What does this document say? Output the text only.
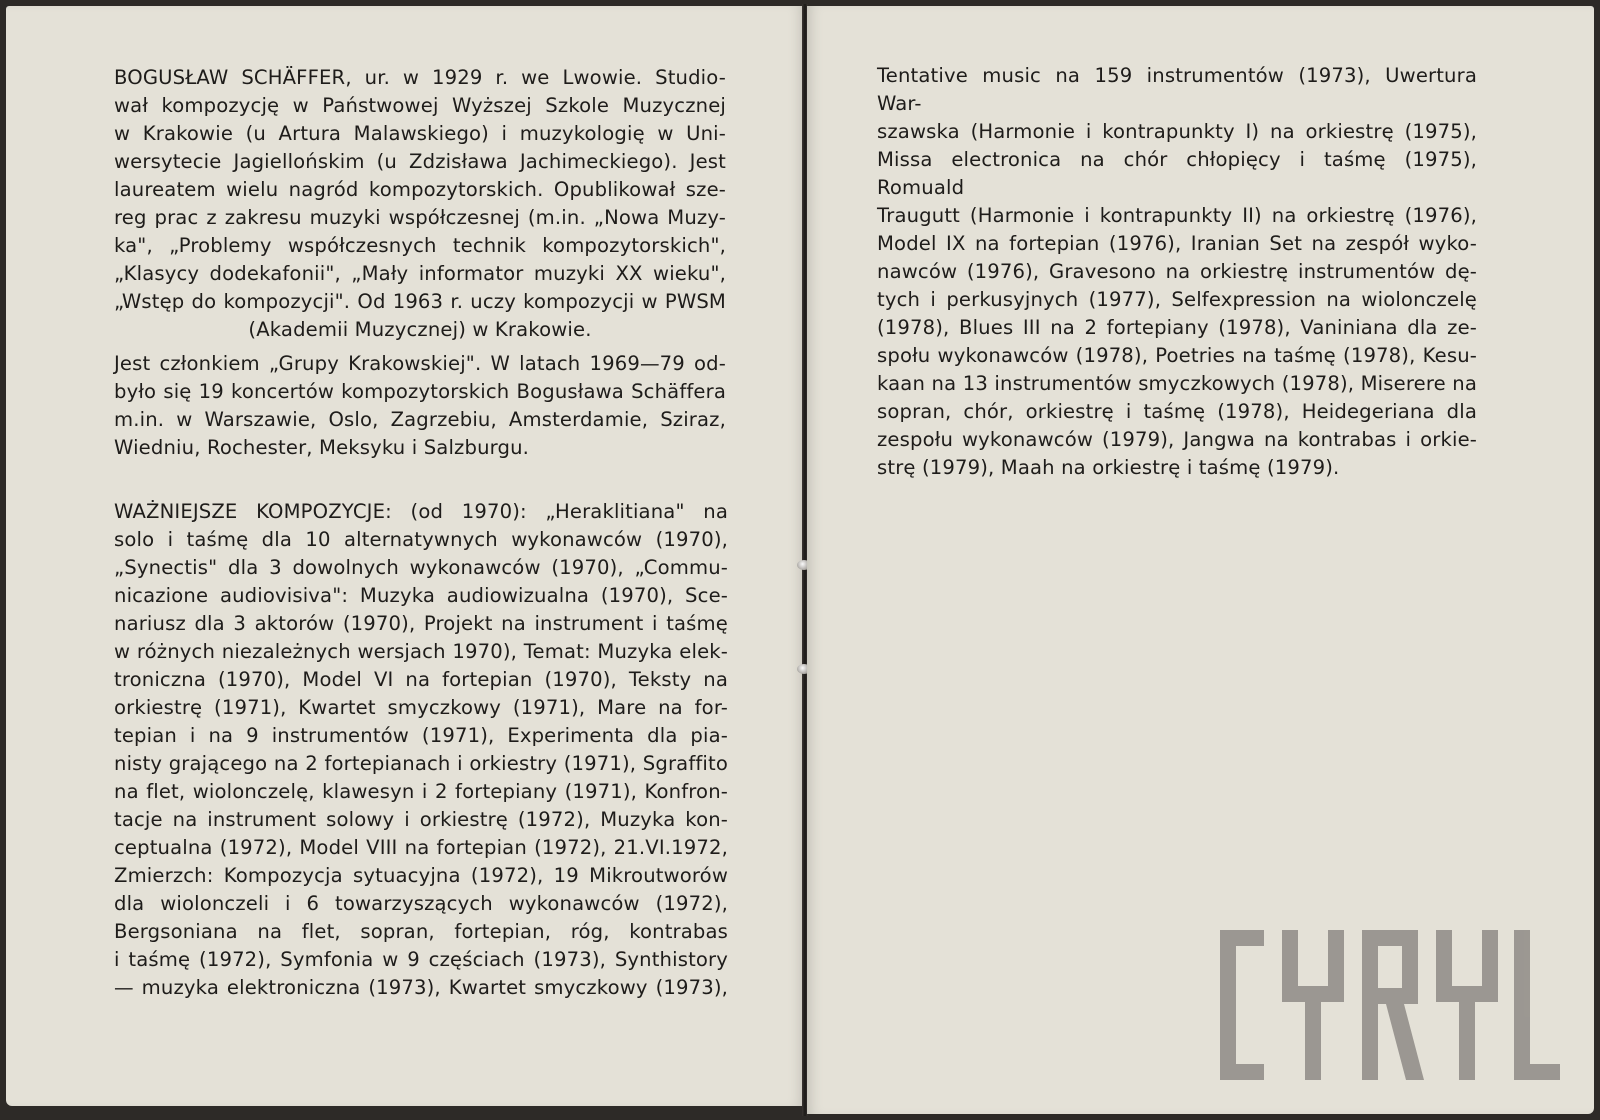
BOGUSŁAW SCHÄFFER, ur. w 1929 r. we Lwowie. Studio-

wał kompozycję w Państwowej Wyższej Szkole Muzycznej

w Krakowie (u Artura Malawskiego) i muzykologię w Uni-

wersytecie Jagiellońskim (u Zdzisława Jachimeckiego). Jest

laureatem wielu nagród kompozytorskich. Opublikował sze-

reg prac z zakresu muzyki współczesnej (m.in. „Nowa Muzy-

ka", „Problemy współczesnych technik kompozytorskich",

„Klasycy dodekafonii", „Mały informator muzyki XX wieku",

„Wstęp do kompozycji". Od 1963 r. uczy kompozycji w PWSM

(Akademii Muzycznej) w Krakowie.

Jest członkiem „Grupy Krakowskiej". W latach 1969—79 od-

było się 19 koncertów kompozytorskich Bogusława Schäffera

m.in. w Warszawie, Oslo, Zagrzebiu, Amsterdamie, Sziraz,

Wiedniu, Rochester, Meksyku i Salzburgu.

WAŻNIEJSZE KOMPOZYCJE: (od 1970): „Heraklitiana" na

solo i taśmę dla 10 alternatywnych wykonawców (1970),

„Synectis" dla 3 dowolnych wykonawców (1970), „Commu-

nicazione audiovisiva": Muzyka audiowizualna (1970), Sce-

nariusz dla 3 aktorów (1970), Projekt na instrument i taśmę

w różnych niezależnych wersjach 1970), Temat: Muzyka elek-

troniczna (1970), Model VI na fortepian (1970), Teksty na

orkiestrę (1971), Kwartet smyczkowy (1971), Mare na for-

tepian i na 9 instrumentów (1971), Experimenta dla pia-

nisty grającego na 2 fortepianach i orkiestry (1971), Sgraffito

na flet, wiolonczelę, klawesyn i 2 fortepiany (1971), Konfron-

tacje na instrument solowy i orkiestrę (1972), Muzyka kon-

ceptualna (1972), Model VIII na fortepian (1972), 21.VI.1972,

Zmierzch: Kompozycja sytuacyjna (1972), 19 Mikroutworów

dla wiolonczeli i 6 towarzyszących wykonawców (1972),

Bergsoniana na flet, sopran, fortepian, róg, kontrabas

i taśmę (1972), Symfonia w 9 częściach (1973), Synthistory

— muzyka elektroniczna (1973), Kwartet smyczkowy (1973),

Tentative music na 159 instrumentów (1973), Uwertura War-

szawska (Harmonie i kontrapunkty I) na orkiestrę (1975),

Missa electronica na chór chłopięcy i taśmę (1975), Romuald

Traugutt (Harmonie i kontrapunkty II) na orkiestrę (1976),

Model IX na fortepian (1976), Iranian Set na zespół wyko-

nawców (1976), Gravesono na orkiestrę instrumentów dę-

tych i perkusyjnych (1977), Selfexpression na wiolonczelę

(1978), Blues III na 2 fortepiany (1978), Vaniniana dla ze-

społu wykonawców (1978), Poetries na taśmę (1978), Kesu-

kaan na 13 instrumentów smyczkowych (1978), Miserere na

sopran, chór, orkiestrę i taśmę (1978), Heidegeriana dla

zespołu wykonawców (1979), Jangwa na kontrabas i orkie-

strę (1979), Maah na orkiestrę i taśmę (1979).
